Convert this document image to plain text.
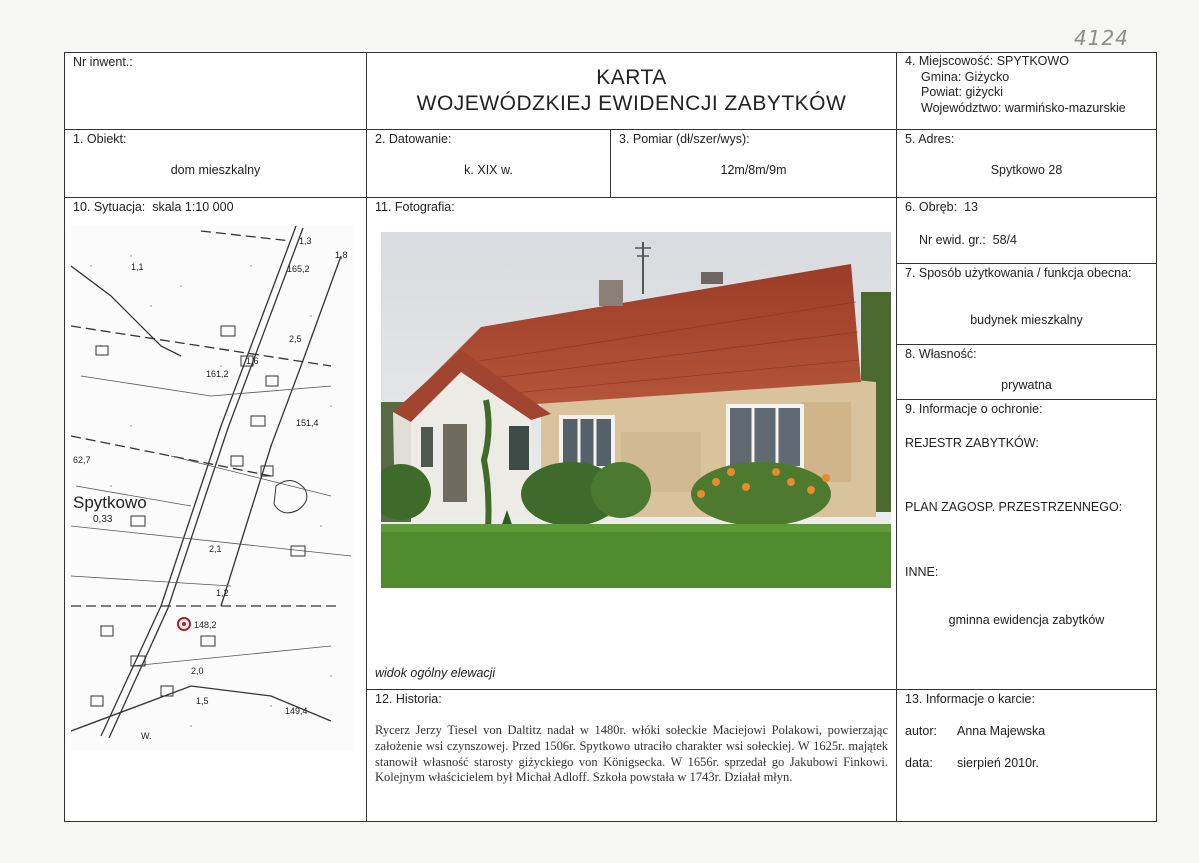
4124
Nr inwent.:
KARTA
WOJEWÓDZKIEJ EWIDENCJI ZABYTKÓW
4. Miejscowość: SPYTKOWO
Gmina: Giżycko
Powiat: giżycki
Województwo: warmińsko-mazurskie
1. Obiekt:
dom mieszkalny
2. Datowanie:
k. XIX w.
3. Pomiar (dł/szer/wys):
12m/8m/9m
5. Adres:
Spytkowo 28
10. Sytuacja: skala 1:10 000
Spytkowo
0,33
165,2
161,2
151,4
148,2
149,4
62,7
1,3
1,8
2,5
1,6
1,1
2,1
1,2
1,5
2,0
W.
11. Fotografia:
widok ogólny elewacji
6. Obręb: 13
Nr ewid. gr.: 58/4
7. Sposób użytkowania / funkcja obecna:
budynek mieszkalny
8. Własność:
prywatna
9. Informacje o ochronie:
REJESTR ZABYTKÓW:
PLAN ZAGOSP. PRZESTRZENNEGO:
INNE:
gminna ewidencja zabytków
12. Historia:
Rycerz Jerzy Tiesel von Daltitz nadał w 1480r. włóki sołeckie Maciejowi Polakowi, powierzając założenie wsi czynszowej. Przed 1506r. Spytkowo utraciło charakter wsi sołeckiej. W 1625r. majątek stanowił własność starosty giżyckiego von Königsecka. W 1656r. sprzedał go Jakubowi Finkowi. Kolejnym właścicielem był Michał Adloff. Szkoła powstała w 1743r. Działał młyn.
13. Informacje o karcie:
autor: Anna Majewska
data: sierpień 2010r.
